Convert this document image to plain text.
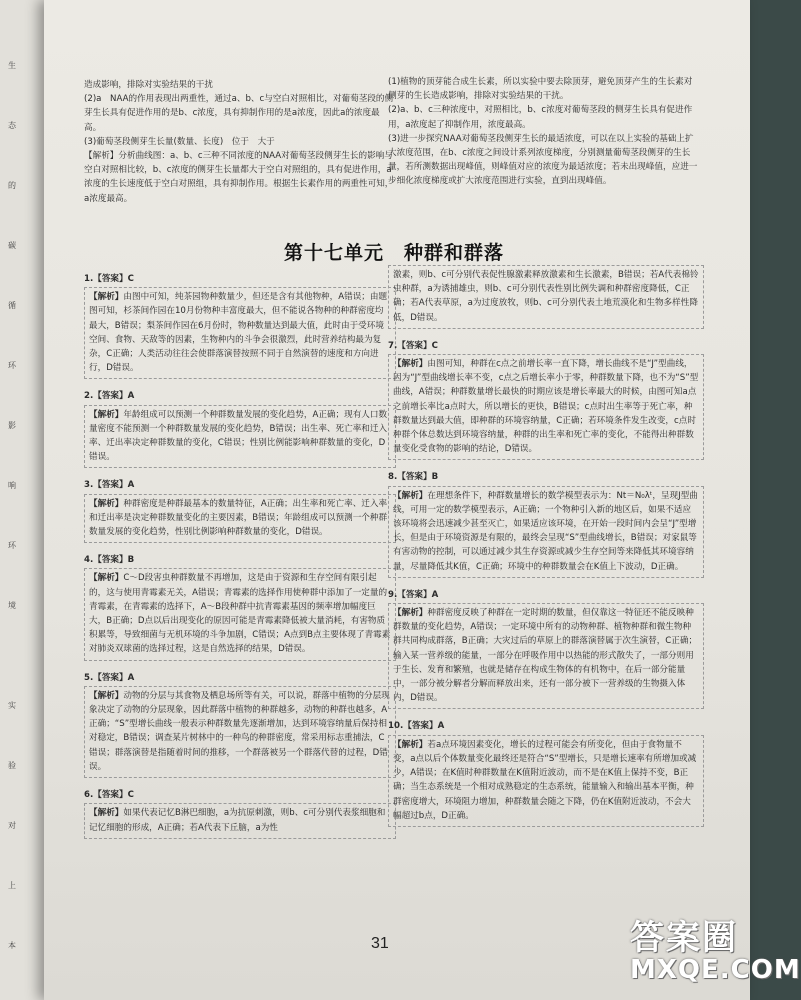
生
态
的
碳
循
环
影
响
环
境
实
验
对
上
本

造成影响，排除对实验结果的干扰

(2)a　NAA的作用表现出两重性，通过a、b、c与空白对照相比，对葡萄茎段的侧芽生长具有促进作用的是b、c浓度，具有抑制作用的是a浓度，因此a的浓度最高。

(3)葡萄茎段侧芽生长量(数量、长度)　位于　大于

【解析】分析曲线图：a、b、c三种不同浓度的NAA对葡萄茎段侧芽生长的影响与空白对照相比较，b、c浓度的侧芽生长量都大于空白对照组的，具有促进作用，a浓度的生长速度低于空白对照组，具有抑制作用。根据生长素作用的两重性可知，a浓度最高。

(1)植物的顶芽能合成生长素，所以实验中要去除顶芽，避免顶芽产生的生长素对侧芽的生长造成影响，排除对实验结果的干扰。

(2)a、b、c三种浓度中，对照相比，b、c浓度对葡萄茎段的侧芽生长具有促进作用，a浓度起了抑制作用，浓度最高。

(3)进一步探究NAA对葡萄茎段侧芽生长的最适浓度，可以在以上实验的基础上扩大浓度范围，在b、c浓度之间设计系列浓度梯度，分别测量葡萄茎段侧芽的生长量，若所测数据出现峰值，则峰值对应的浓度为最适浓度；若未出现峰值，应进一步细化浓度梯度或扩大浓度范围进行实验，直到出现峰值。

第十七单元　种群和群落
1.【答案】C
【解析】由图中可知，纯茶园物种数量少，但还是含有其他物种，A错误；由题图可知，杉茶间作园在10月份物种丰富度最大，但不能说各物种的种群密度均最大，B错误；梨茶间作园在6月份时，物种数量达到最大值，此时由于受环境空间、食物、天敌等的因素，生物种内的斗争会很激烈，此时营养结构最为复杂，C正确；人类活动往往会使群落演替按照不同于自然演替的速度和方向进行，D错误。
2.【答案】A
【解析】年龄组成可以预测一个种群数量发展的变化趋势，A正确；现有人口数量密度不能预测一个种群数量发展的变化趋势，B错误；出生率、死亡率和迁入率、迁出率决定种群数量的变化，C错误；性别比例能影响种群数量的变化，D错误。
3.【答案】A
【解析】种群密度是种群最基本的数量特征，A正确；出生率和死亡率、迁入率和迁出率是决定种群数量变化的主要因素，B错误；年龄组成可以预测一个种群数量发展的变化趋势，性别比例影响种群数量的变化，D错误。
4.【答案】B
【解析】C～D段害虫种群数量不再增加，这是由于资源和生存空间有限引起的，这与使用青霉素无关，A错误；青霉素的选择作用使种群中添加了一定量的青霉素，在青霉素的选择下，A～B段种群中抗青霉素基因的频率增加幅度巨大，B正确；D点以后出现变化的原因可能是青霉素降低被大量消耗，有害物质积累等，导致细菌与无机环境的斗争加剧，C错误；A点到B点主要体现了青霉素对肺炎双球菌的选择过程，这是自然选择的结果，D错误。
5.【答案】A
【解析】动物的分层与其食物及栖息场所等有关，可以说，群落中植物的分层现象决定了动物的分层现象，因此群落中植物的种群越多，动物的种群也越多，A正确；“S”型增长曲线一般表示种群数量先逐渐增加，达到环境容纳量后保持相对稳定，B错误；调查某片树林中的一种鸟的种群密度，常采用标志重捕法，C错误；群落演替是指随着时间的推移，一个群落被另一个群落代替的过程，D错误。
6.【答案】C
【解析】如果代表记忆B淋巴细胞，a为抗原刺激，则b、c可分别代表浆细胞和记忆细胞的形成，A正确；若A代表下丘脑，a为性
激素，则b、c可分别代表促性腺激素释放激素和生长激素，B错误；若A代表棉铃虫种群，a为诱捕雄虫，则b、c可分别代表性别比例失调和种群密度降低，C正确；若A代表草原，a为过度放牧，则b、c可分别代表土地荒漠化和生物多样性降低，D错误。
7.【答案】C
【解析】由图可知，种群在c点之前增长率一直下降，增长曲线不是“J”型曲线，因为“J”型曲线增长率不变，c点之后增长率小于零，种群数量下降，也不为“S”型曲线，A错误；种群数量增长最快的时期应该是增长率最大的时候，由图可知a点之前增长率比a点时大，所以增长的更快，B错误；c点时出生率等于死亡率，种群数量达到最大值，即种群的环境容纳量，C正确；若环境条件发生改变，c点时种群个体总数达到环境容纳量，种群的出生率和死亡率的变化，不能得出种群数量变化受食物的影响的结论，D错误。
8.【答案】B
【解析】在理想条件下，种群数量增长的数学模型表示为：Nt＝N₀λᵗ，呈现J型曲线，可用一定的数学模型表示，A正确；一个物种引入新的地区后，如果不适应该环境将会迅速减少甚至灭亡，如果适应该环境，在开始一段时间内会呈“J”型增长，但是由于环境资源是有限的，最终会呈现“S”型曲线增长，B错误；对家鼠等有害动物的控制，可以通过减少其生存资源或减少生存空间等来降低其环境容纳量，尽量降低其K值，C正确；环境中的种群数量会在K值上下波动，D正确。
9.【答案】A
【解析】种群密度反映了种群在一定时期的数量，但仅靠这一特征还不能反映种群数量的变化趋势，A错误；一定环境中所有的动物种群、植物种群和微生物种群共同构成群落，B正确；大灾过后的草原上的群落演替属于次生演替，C正确；输入某一营养级的能量，一部分在呼吸作用中以热能的形式散失了，一部分则用于生长、发育和繁殖，也就是储存在构成生物体的有机物中，在后一部分能量中，一部分被分解者分解而释放出来，还有一部分被下一营养级的生物摄入体内，D错误。
10.【答案】A
【解析】若a点环境因素变化，增长的过程可能会有所变化，但由于食物量不变，a点以后个体数量变化最终还是符合“S”型增长，只是增长速率有所增加或减少，A错误；在K值时种群数量在K值附近波动，而不是在K值上保持不变，B正确；当生态系统是一个相对成熟稳定的生态系统，能量输入和输出基本平衡，种群密度增大，环境阻力增加，种群数量会随之下降，仍在K值附近波动，不会大幅超过b点，D正确。
31	答案圈
MXQE.COM
